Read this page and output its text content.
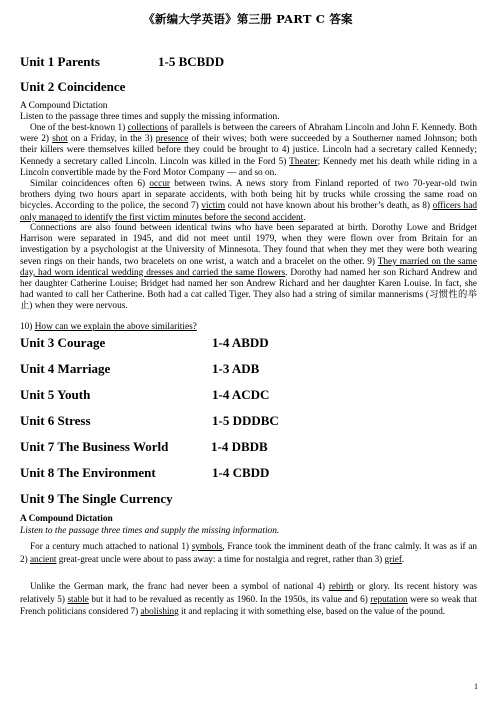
《新编大学英语》第三册 PART C 答案
Unit 1 Parents	1-5 BCBDD
Unit 2 Coincidence
A Compound Dictation
Listen to the passage three times and supply the missing information.

One of the best-known 1) collections of parallels is between the careers of Abraham Lincoln and John F. Kennedy. Both were 2) shot on a Friday, in the 3) presence of their wives; both were succeeded by a Southerner named Johnson; both their killers were themselves killed before they could be brought to 4) justice. Lincoln had a secretary called Kennedy; Kennedy a secretary called Lincoln. Lincoln was killed in the Ford 5) Theater; Kennedy met his death while riding in a Lincoln convertible made by the Ford Motor Company — and so on.

Similar coincidences often 6) occur between twins. A news story from Finland reported of two 70-year-old twin brothers dying two hours apart in separate accidents, with both being hit by trucks while crossing the same road on bicycles. According to the police, the second 7) victim could not have known about his brother’s death, as 8) officers had only managed to identify the first victim minutes before the second accident.

Connections are also found between identical twins who have been separated at birth. Dorothy Lowe and Bridget Harrison were separated in 1945, and did not meet until 1979, when they were flown over from Britain for an investigation by a psychologist at the University of Minnesota. They found that when they met they were both wearing seven rings on their hands, two bracelets on one wrist, a watch and a bracelet on the other. 9) They married on the same day, had worn identical wedding dresses and carried the same flowers. Dorothy had named her son Richard Andrew and her daughter Catherine Louise; Bridget had named her son Andrew Richard and her daughter Karen Louise. In fact, she had wanted to call her Catherine. Both had a cat called Tiger. They also had a string of similar mannerisms (习惯性的举止) when they were nervous.

10) How can we explain the above similarities?
Unit 3 Courage	1-4 ABDD
Unit 4 Marriage	1-3 ADB
Unit 5 Youth	1-4 ACDC
Unit 6 Stress	1-5 DDDBC
Unit 7 The Business World	1-4 DBDB
Unit 8 The Environment	1-4 CBDD
Unit 9 The Single Currency
A Compound Dictation
Listen to the passage three times and supply the missing information.

For a century much attached to national 1) symbols, France took the imminent death of the franc calmly. It was as if an 2) ancient great-great uncle were about to pass away: a time for nostalgia and regret, rather than 3) grief.

Unlike the German mark, the franc had never been a symbol of national 4) rebirth or glory. Its recent history was relatively 5) stable but it had to be revalued as recently as 1960. In the 1950s, its value and 6) reputation were so weak that French politicians considered 7) abolishing it and replacing it with something else, based on the value of the pound.

1
